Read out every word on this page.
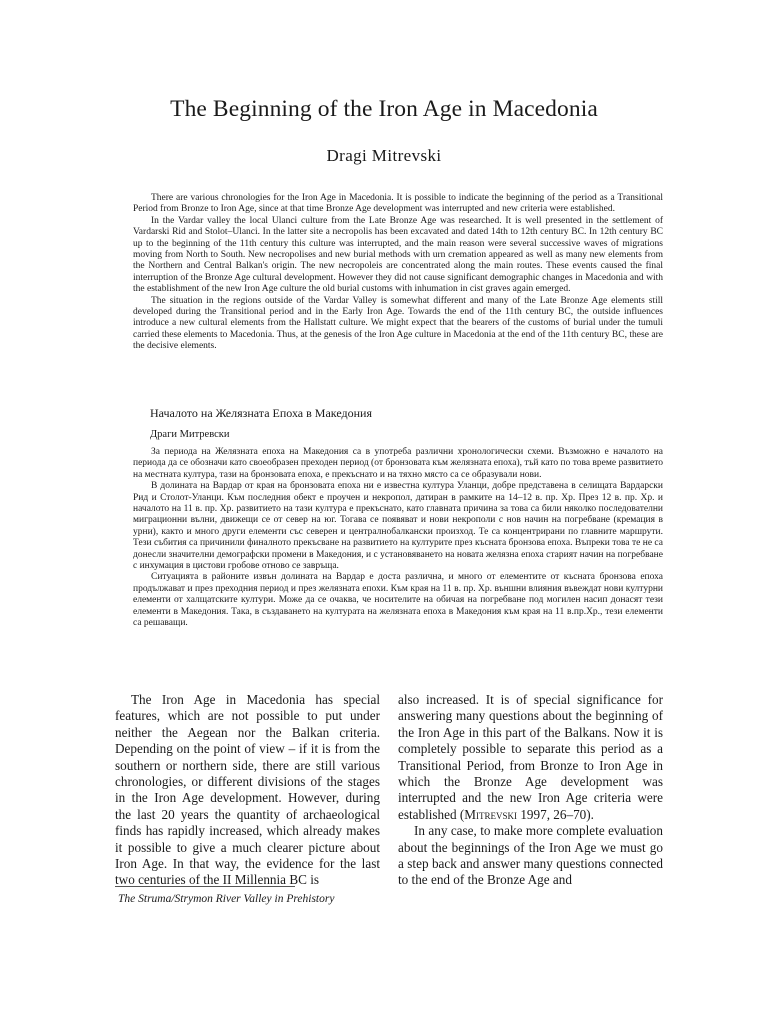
The Beginning of the Iron Age in Macedonia
Dragi Mitrevski

There are various chronologies for the Iron Age in Macedonia. It is possible to indicate the beginning of the period as a Transitional Period from Bronze to Iron Age, since at that time Bronze Age development was interrupted and new criteria were established.

In the Vardar valley the local Ulanci culture from the Late Bronze Age was researched. It is well presented in the settlement of Vardarski Rid and Stolot–Ulanci. In the latter site a necropolis has been excavated and dated 14th to 12th century BC. In 12th century BC up to the beginning of the 11th century this culture was interrupted, and the main reason were several successive waves of migrations moving from North to South. New necropolises and new burial methods with urn cremation appeared as well as many new elements from the Northern and Central Balkan's origin. The new necropoleis are concentrated along the main routes. These events caused the final interruption of the Bronze Age cultural development. However they did not cause significant demographic changes in Macedonia and with the establishment of the new Iron Age culture the old burial customs with inhumation in cist graves again emerged.

The situation in the regions outside of the Vardar Valley is somewhat different and many of the Late Bronze Age elements still developed during the Transitional period and in the Early Iron Age. Towards the end of the 11th century BC, the outside influences introduce a new cultural elements from the Hallstatt culture. We might expect that the bearers of the customs of burial under the tumuli carried these elements to Macedonia. Thus, at the genesis of the Iron Age culture in Macedonia at the end of the 11th century BC, these are the decisive elements.

Началото на Желязната Епоха в Македония
Драги Митревски

За периода на Желязната епоха на Македония са в употреба различни хронологически схеми. Възможно е началото на периода да се обозначи като своеобразен преходен период (от бронзовата към желязната епоха), тъй като по това време развитието на местната култура, тази на бронзовата епоха, е прекъснато и на тяхно място са се образували нови.

В долината на Вардар от края на бронзовата епоха ни е известна култура Уланци, добре представена в селищата Вардарски Рид и Столот-Уланци. Към последния обект е проучен и некропол, датиран в рамките на 14–12 в. пр. Хр. През 12 в. пр. Хр. и началото на 11 в. пр. Хр. развитието на тази култура е прекъснато, като главната причина за това са били няколко последователни миграционни вълни, движещи се от север на юг. Тогава се появяват и нови некрополи с нов начин на погребване (кремация в урни), както и много други елементи със северен и централнобалкански произход. Те са концентрирани по главните маршрути. Тези събития са причинили финалното прекъсване на развитието на културите през късната бронзова епоха. Въпреки това те не са донесли значителни демографски промени в Македония, и с установяването на новата желязна епоха старият начин на погребване с инхумация в цистови гробове отново се завръща.

Ситуацията в районите извън долината на Вардар е доста различна, и много от елементите от късната бронзова епоха продължават и през преходния период и през желязната епохи. Към края на 11 в. пр. Хр. външни влияния въвеждат нови културни елементи от халщатските култури. Може да се очаква, че носителите на обичая на погребване под могилен насип донасят тези елементи в Македония. Така, в създаването на културата на желязната епоха в Македония към края на 11 в.пр.Хр., тези елементи са решаващи.

The Iron Age in Macedonia has special features, which are not possible to put under neither the Aegean nor the Balkan criteria. Depending on the point of view – if it is from the southern or northern side, there are still various chronologies, or different divisions of the stages in the Iron Age development. However, during the last 20 years the quantity of archaeological finds has rapidly increased, which already makes it possible to give a much clearer picture about Iron Age. In that way, the evidence for the last two centuries of the II Millennia BC is

also increased. It is of special significance for answering many questions about the beginning of the Iron Age in this part of the Balkans. Now it is completely possible to separate this period as a Transitional Period, from Bronze to Iron Age in which the Bronze Age development was interrupted and the new Iron Age criteria were established (Mitrevski 1997, 26–70).

In any case, to make more complete evaluation about the beginnings of the Iron Age we must go a step back and answer many questions connected to the end of the Bronze Age and

The Struma/Strymon River Valley in Prehistory
